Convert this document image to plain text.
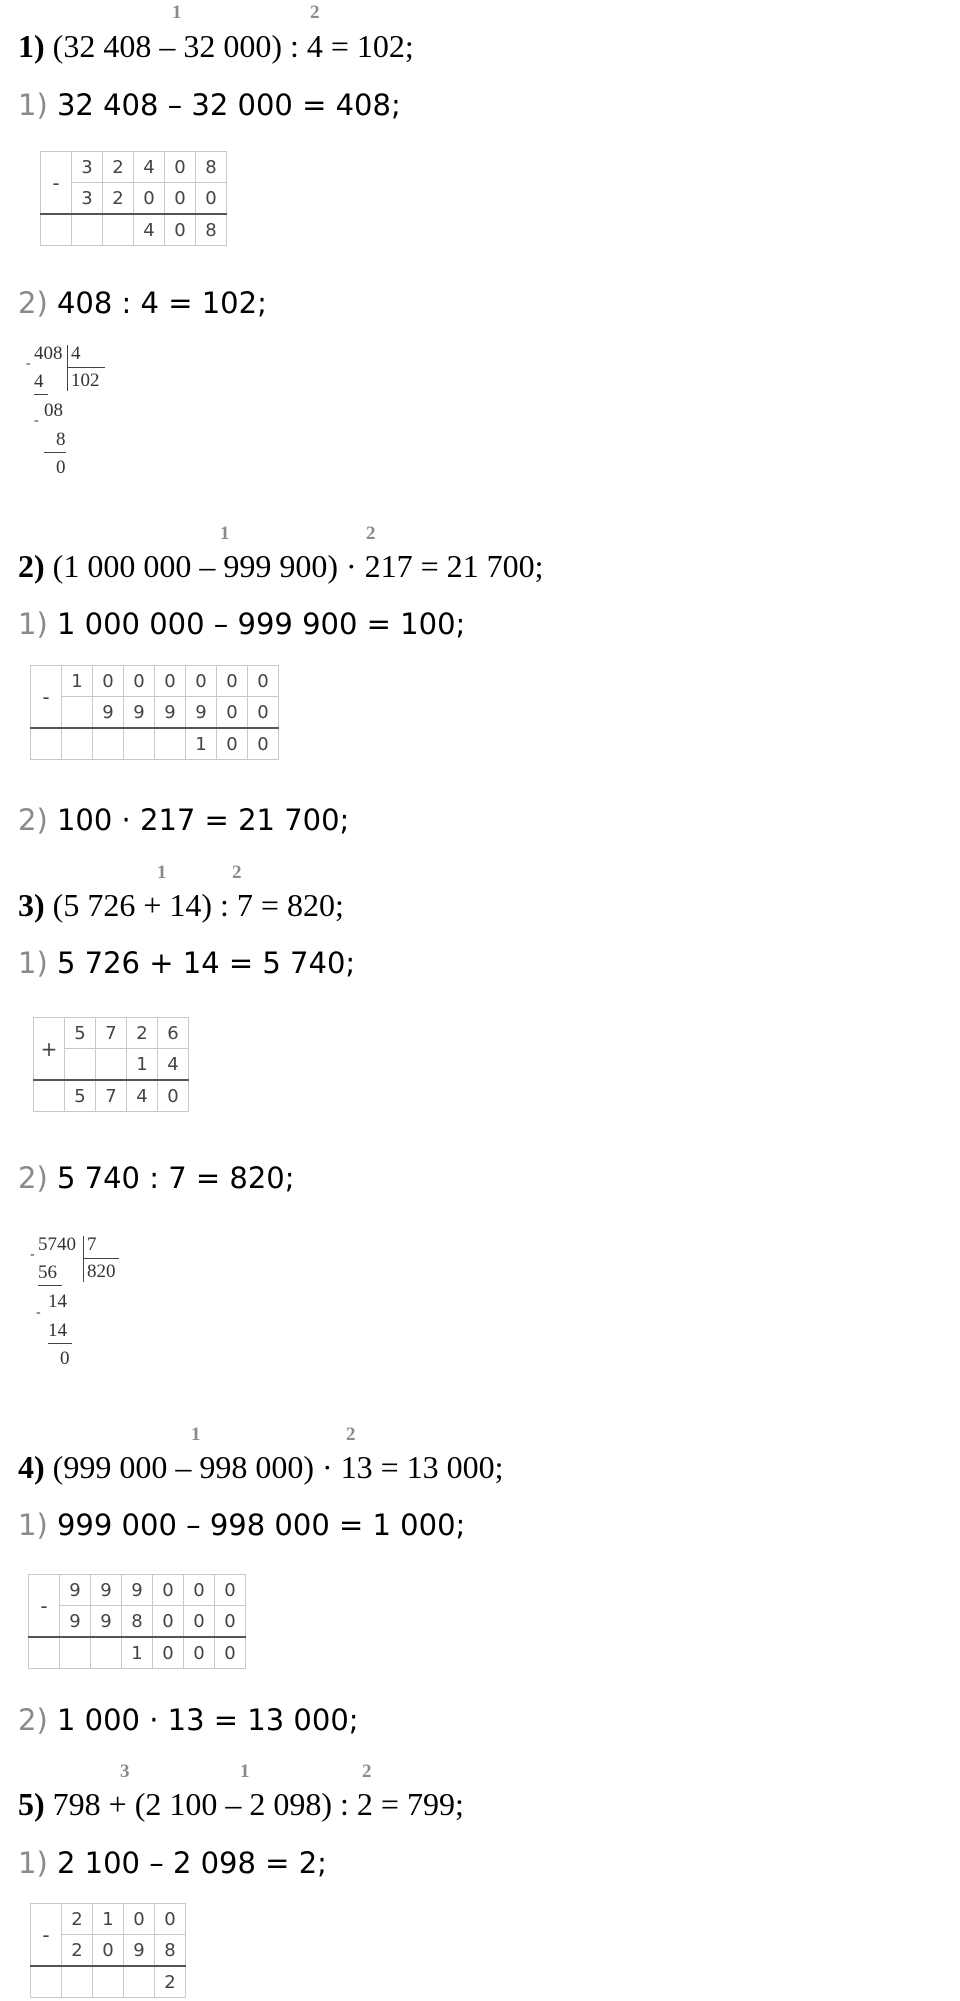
1	2
1) (32 408 – 32 000) : 4 = 102;
1) 32 408 – 32 000 = 408;
-	3	2	4	0	8
	3	2	0	0	0
			4	0	8
2) 408 : 4 = 102;
408 4
102
-
4
08
-
8
0
1	2
2) (1 000 000 – 999 900) · 217 = 21 700;
1) 1 000 000 – 999 900 = 100;
-	1	0	0	0	0	0	0
		9	9	9	9	0	0
					1	0	0
2) 100 · 217 = 21 700;
1	2
3) (5 726 + 14) : 7 = 820;
1) 5 726 + 14 = 5 740;
+	5	7	2	6
			1	4
	5	7	4	0
2) 5 740 : 7 = 820;
5740 7
820
-
56
14
-
14
0
1	2
4) (999 000 – 998 000) · 13 = 13 000;
1) 999 000 – 998 000 = 1 000;
-	9	9	9	0	0	0
	9	9	8	0	0	0
			1	0	0	0
2) 1 000 · 13 = 13 000;
3	1	2
5) 798 + (2 100 – 2 098) : 2 = 799;
1) 2 100 – 2 098 = 2;
-	2	1	0	0
	2	0	9	8
				2
